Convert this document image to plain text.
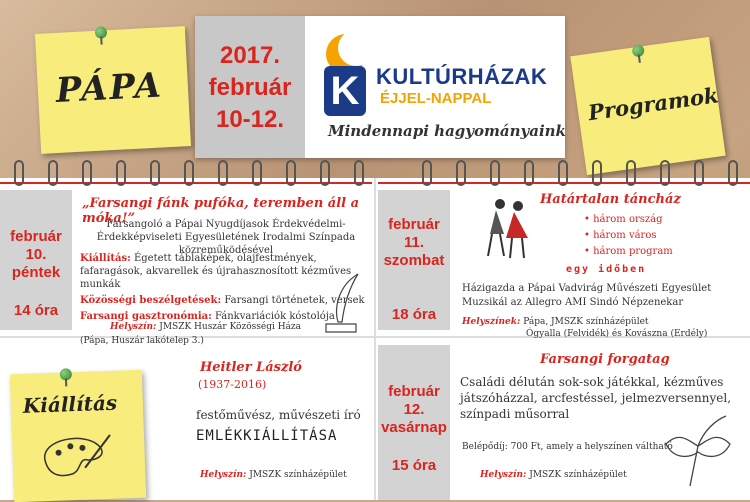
PÁPA
2017.
február
10-12.
K KULTÚRHÁZAK
ÉJJEL-NAPPAL
Mindennapi hagyományaink
Programok
február
10.
péntek
14 óra
„Farsangi fánk pufóka, teremben áll a móka!”
Farsangoló a Pápai Nyugdíjasok Érdekvédelmi-Érdekképviseleti Egyesületének Irodalmi Színpada közreműködésével
Kiállítás: Égetett táblaképek, olajfestmények, fafaragások, akvarellek és újrahasznosított kézműves munkák
Közösségi beszélgetések: Farsangi történetek, versek
Farsangi gasztronómia: Fánkvariációk kóstolója
Helyszín: JMSZK Huszár Közösségi Háza
(Pápa, Huszár lakótelep 3.)
február
11.
szombat
18 óra
Határtalan táncház
• három ország
• három város
• három program
egy időben
Házigazda a Pápai Vadvirág Művészeti Egyesület
Muzsikál az Allegro AMI Sindó Népzenekar
Helyszínek: Pápa, JMSZK színházépület
Ógyalla (Felvidék) és Kovászna (Erdély)
Kiállítás
Heitler László
(1937-2016)
festőművész, művészeti író
EMLÉKKIÁLLÍTÁSA
Helyszín: JMSZK színházépület
február
12.
vasárnap
15 óra
Farsangi forgatag
Családi délután sok-sok játékkal, kézműves játszóházzal, arcfestéssel, jelmezversennyel, színpadi műsorral
Belépődíj: 700 Ft, amely a helyszínen váltható
Helyszín: JMSZK színházépület
